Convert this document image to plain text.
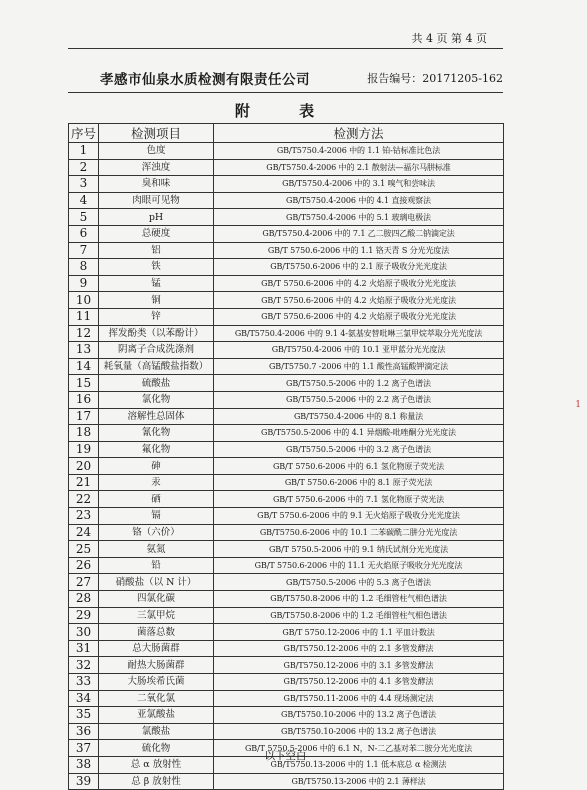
共 4 页 第 4 页
孝感市仙泉水质检测有限责任公司	报告编号：20171205-162
附 表
序号	检测项目	检测方法
1	色度	GB/T5750.4-2006 中的 1.1 铂-钴标准比色法
2	浑浊度	GB/T5750.4-2006 中的 2.1 散射法—福尔马肼标准
3	臭和味	GB/T5750.4-2006 中的 3.1 嗅气和尝味法
4	肉眼可见物	GB/T5750.4-2006 中的 4.1 直接观察法
5	pH	GB/T5750.4-2006 中的 5.1 玻璃电极法
6	总硬度	GB/T5750.4-2006 中的 7.1 乙二胺四乙酸二钠滴定法
7	铝	GB/T 5750.6-2006 中的 1.1 铬天青 S 分光光度法
8	铁	GB/T5750.6-2006 中的 2.1 原子吸收分光光度法
9	锰	GB/T 5750.6-2006 中的 4.2 火焰原子吸收分光光度法
10	铜	GB/T 5750.6-2006 中的 4.2 火焰原子吸收分光光度法
11	锌	GB/T 5750.6-2006 中的 4.2 火焰原子吸收分光光度法
12	挥发酚类（以苯酚计）	GB/T5750.4-2006 中的 9.1 4-氨基安替吡啉三氯甲烷萃取分光光度法
13	阴离子合成洗涤剂	GB/T5750.4-2006 中的 10.1 亚甲蓝分光光度法
14	耗氧量（高锰酸盐指数）	GB/T5750.7 -2006 中的 1.1 酸性高锰酸钾滴定法
15	硫酸盐	GB/T5750.5-2006 中的 1.2 离子色谱法
16	氯化物	GB/T5750.5-2006 中的 2.2 离子色谱法
17	溶解性总固体	GB/T5750.4-2006 中的 8.1 称量法
18	氰化物	GB/T5750.5-2006 中的 4.1 异烟酸-吡唑酮分光光度法
19	氟化物	GB/T5750.5-2006 中的 3.2 离子色谱法
20	砷	GB/T 5750.6-2006 中的 6.1 氢化物原子荧光法
21	汞	GB/T 5750.6-2006 中的 8.1 原子荧光法
22	硒	GB/T 5750.6-2006 中的 7.1 氢化物原子荧光法
23	镉	GB/T 5750.6-2006 中的 9.1 无火焰原子吸收分光光度法
24	铬（六价）	GB/T5750.6-2006 中的 10.1 二苯碳酰二肼分光光度法
25	氨氮	GB/T 5750.5-2006 中的 9.1 纳氏试剂分光光度法
26	铅	GB/T 5750.6-2006 中的 11.1 无火焰原子吸收分光光度法
27	硝酸盐（以 N 计）	GB/T5750.5-2006 中的 5.3 离子色谱法
28	四氯化碳	GB/T5750.8-2006 中的 1.2 毛细管柱气相色谱法
29	三氯甲烷	GB/T5750.8-2006 中的 1.2 毛细管柱气相色谱法
30	菌落总数	GB/T 5750.12-2006 中的 1.1 平皿计数法
31	总大肠菌群	GB/T5750.12-2006 中的 2.1 多管发酵法
32	耐热大肠菌群	GB/T5750.12-2006 中的 3.1 多管发酵法
33	大肠埃希氏菌	GB/T5750.12-2006 中的 4.1 多管发酵法
34	二氧化氯	GB/T5750.11-2006 中的 4.4 现场测定法
35	亚氯酸盐	GB/T5750.10-2006 中的 13.2 离子色谱法
36	氯酸盐	GB/T5750.10-2006 中的 13.2 离子色谱法
37	硫化物	GB/T 5750.5-2006 中的 6.1 N，N-二乙基对苯二胺分光光度法
38	总 α 放射性	GB/T5750.13-2006 中的 1.1 低本底总 α 检测法
39	总 β 放射性	GB/T5750.13-2006 中的 2.1 薄样法
以下空白
1
